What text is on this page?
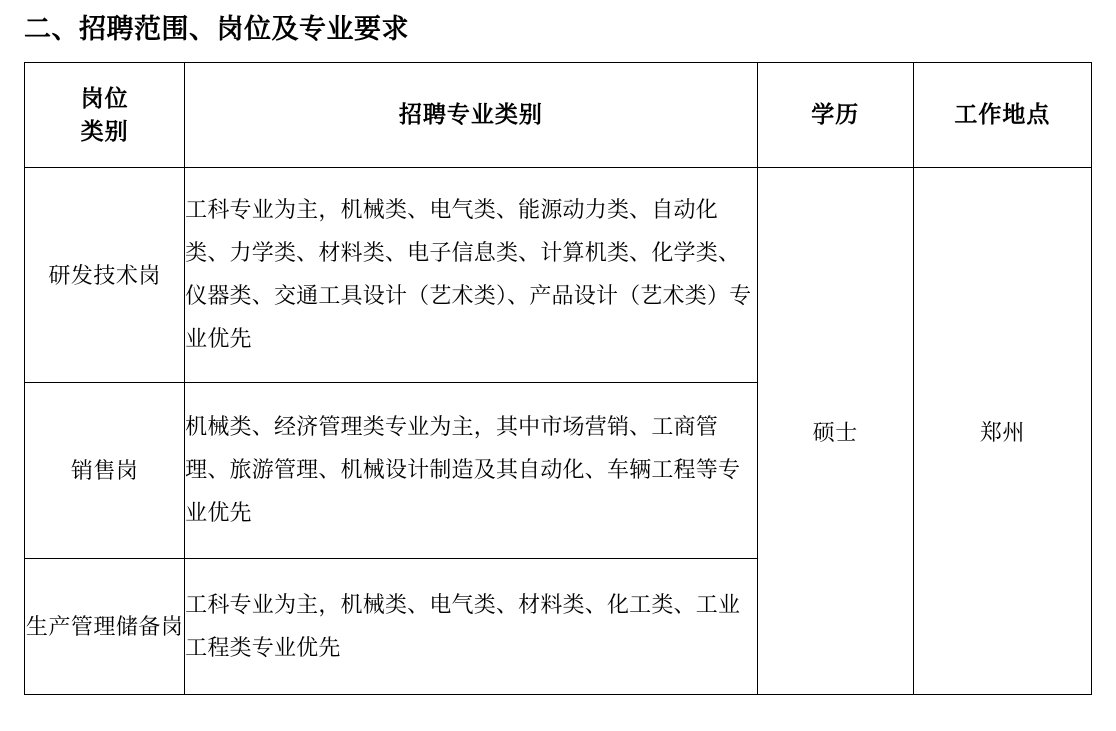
二、招聘范围、岗位及专业要求
岗位
类别	招聘专业类别	学历	工作地点
研发技术岗	工科专业为主，机械类、电气类、能源动力类、自动化类、力学类、材料类、电子信息类、计算机类、化学类、仪器类、交通工具设计（艺术类）、产品设计（艺术类）专业优先	硕士	郑州
销售岗	机械类、经济管理类专业为主，其中市场营销、工商管理、旅游管理、机械设计制造及其自动化、车辆工程等专业优先		
生产管理储备岗	工科专业为主，机械类、电气类、材料类、化工类、工业工程类专业优先		
